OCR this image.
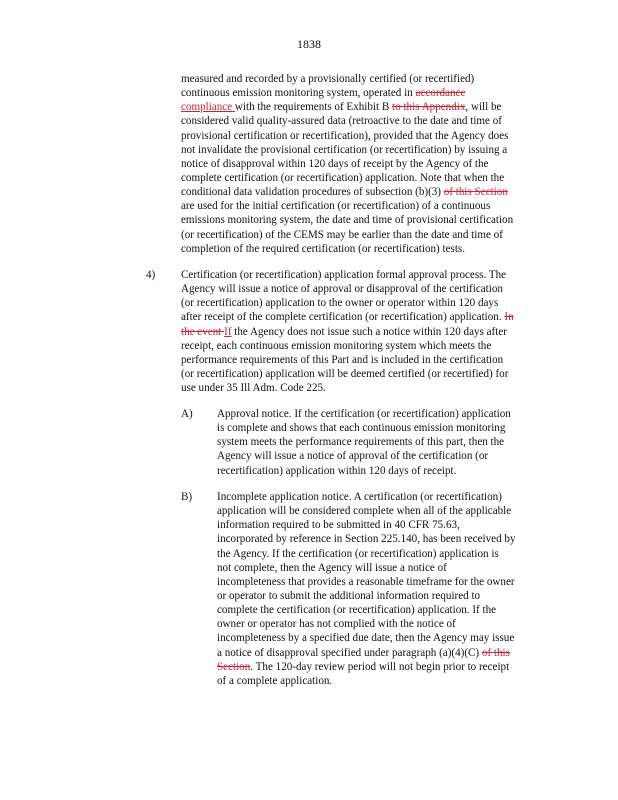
1838
measured and recorded by a provisionally certified (or recertified)
continuous emission monitoring system, operated in accordance
compliance with the requirements of Exhibit B to this Appendix, will be
considered valid quality-assured data (retroactive to the date and time of
provisional certification or recertification), provided that the Agency does
not invalidate the provisional certification (or recertification) by issuing a
notice of disapproval within 120 days of receipt by the Agency of the
complete certification (or recertification) application. Note that when the
conditional data validation procedures of subsection (b)(3) of this Section
are used for the initial certification (or recertification) of a continuous
emissions monitoring system, the date and time of provisional certification
(or recertification) of the CEMS may be earlier than the date and time of
completion of the required certification (or recertification) tests.
4) Certification (or recertification) application formal approval process. The
Agency will issue a notice of approval or disapproval of the certification
(or recertification) application to the owner or operator within 120 days
after receipt of the complete certification (or recertification) application. In
the event If the Agency does not issue such a notice within 120 days after
receipt, each continuous emission monitoring system which meets the
performance requirements of this Part and is included in the certification
(or recertification) application will be deemed certified (or recertified) for
use under 35 Ill Adm. Code 225.
A) Approval notice. If the certification (or recertification) application
is complete and shows that each continuous emission monitoring
system meets the performance requirements of this part, then the
Agency will issue a notice of approval of the certification (or
recertification) application within 120 days of receipt.
B) Incomplete application notice. A certification (or recertification)
application will be considered complete when all of the applicable
information required to be submitted in 40 CFR 75.63,
incorporated by reference in Section 225.140, has been received by
the Agency. If the certification (or recertification) application is
not complete, then the Agency will issue a notice of
incompleteness that provides a reasonable timeframe for the owner
or operator to submit the additional information required to
complete the certification (or recertification) application. If the
owner or operator has not complied with the notice of
incompleteness by a specified due date, then the Agency may issue
a notice of disapproval specified under paragraph (a)(4)(C) of this
Section. The 120-day review period will not begin prior to receipt
of a complete application.
